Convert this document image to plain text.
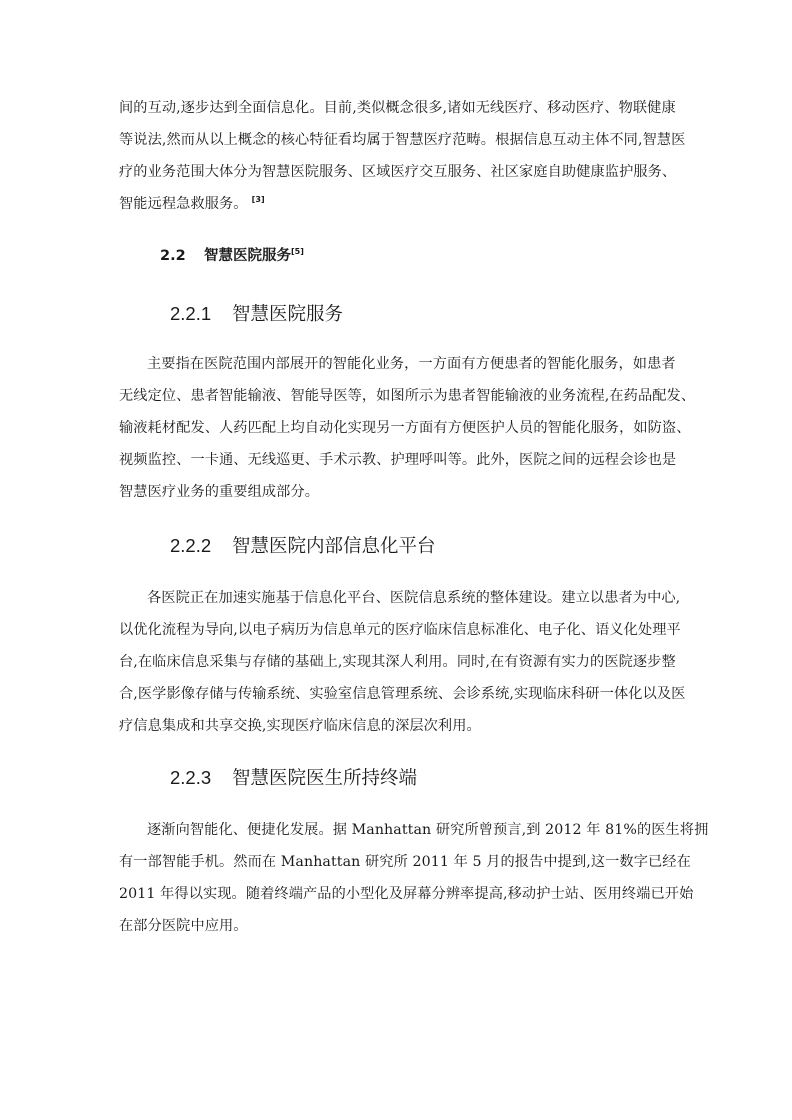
间的互动,逐步达到全面信息化。目前,类似概念很多,诸如无线医疗、移动医疗、物联健康
等说法,然而从以上概念的核心特征看均属于智慧医疗范畴。根据信息互动主体不同,智慧医
疗的业务范围大体分为智慧医院服务、区域医疗交互服务、社区家庭自助健康监护服务、
智能远程急救服务。 [3]
2.2 智慧医院服务[5]
2.2.1 智慧医院服务
主要指在医院范围内部展开的智能化业务，一方面有方便患者的智能化服务，如患者
无线定位、患者智能输液、智能导医等，如图所示为患者智能输液的业务流程,在药品配发、
输液耗材配发、人药匹配上均自动化实现另一方面有方便医护人员的智能化服务，如防盗、
视频监控、一卡通、无线巡更、手术示教、护理呼叫等。此外，医院之间的远程会诊也是
智慧医疗业务的重要组成部分。
2.2.2 智慧医院内部信息化平台
各医院正在加速实施基于信息化平台、医院信息系统的整体建设。建立以患者为中心,
以优化流程为导向,以电子病历为信息单元的医疗临床信息标准化、电子化、语义化处理平
台,在临床信息采集与存储的基础上,实现其深人利用。同时,在有资源有实力的医院逐步整
合,医学影像存储与传输系统、实验室信息管理系统、会诊系统,实现临床科研一体化以及医
疗信息集成和共享交换,实现医疗临床信息的深层次利用。
2.2.3 智慧医院医生所持终端
逐渐向智能化、便捷化发展。据 Manhattan 研究所曾预言,到 2012 年 81%的医生将拥
有一部智能手机。然而在 Manhattan 研究所 2011 年 5 月的报告中提到,这一数字已经在
2011 年得以实现。随着终端产品的小型化及屏幕分辨率提高,移动护士站、医用终端已开始
在部分医院中应用。
